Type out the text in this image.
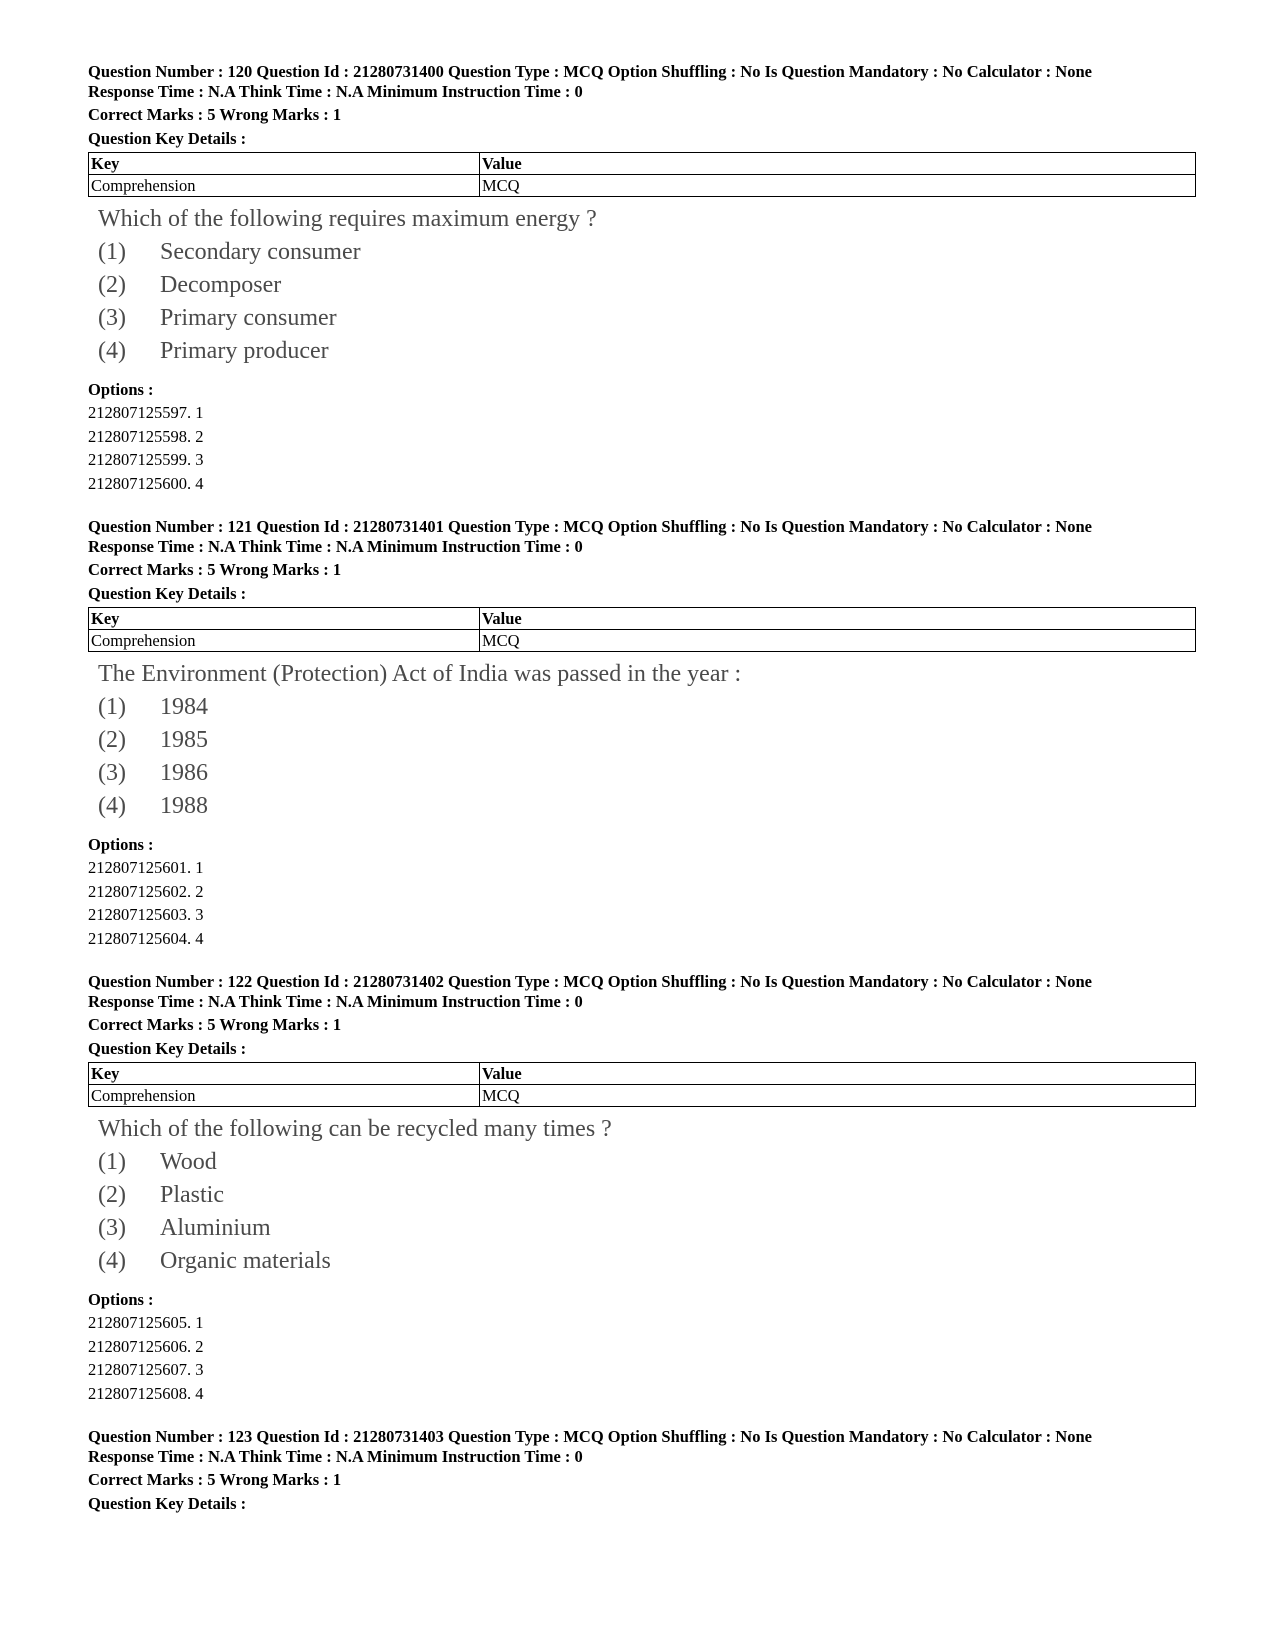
Question Number : 120 Question Id : 21280731400 Question Type : MCQ Option Shuffling : No Is Question Mandatory : No Calculator : None

Response Time : N.A Think Time : N.A Minimum Instruction Time : 0

Correct Marks : 5 Wrong Marks : 1

Question Key Details :

Key	Value
Comprehension	MCQ
Which of the following requires maximum energy ?
(1)	Secondary consumer
(2)	Decomposer
(3)	Primary consumer
(4)	Primary producer
Options :
212807125597. 1
212807125598. 2
212807125599. 3
212807125600. 4

Question Number : 121 Question Id : 21280731401 Question Type : MCQ Option Shuffling : No Is Question Mandatory : No Calculator : None

Response Time : N.A Think Time : N.A Minimum Instruction Time : 0

Correct Marks : 5 Wrong Marks : 1

Question Key Details :

Key	Value
Comprehension	MCQ
The Environment (Protection) Act of India was passed in the year :
(1)	1984
(2)	1985
(3)	1986
(4)	1988
Options :
212807125601. 1
212807125602. 2
212807125603. 3
212807125604. 4

Question Number : 122 Question Id : 21280731402 Question Type : MCQ Option Shuffling : No Is Question Mandatory : No Calculator : None

Response Time : N.A Think Time : N.A Minimum Instruction Time : 0

Correct Marks : 5 Wrong Marks : 1

Question Key Details :

Key	Value
Comprehension	MCQ
Which of the following can be recycled many times ?
(1)	Wood
(2)	Plastic
(3)	Aluminium
(4)	Organic materials
Options :
212807125605. 1
212807125606. 2
212807125607. 3
212807125608. 4

Question Number : 123 Question Id : 21280731403 Question Type : MCQ Option Shuffling : No Is Question Mandatory : No Calculator : None

Response Time : N.A Think Time : N.A Minimum Instruction Time : 0

Correct Marks : 5 Wrong Marks : 1

Question Key Details :
